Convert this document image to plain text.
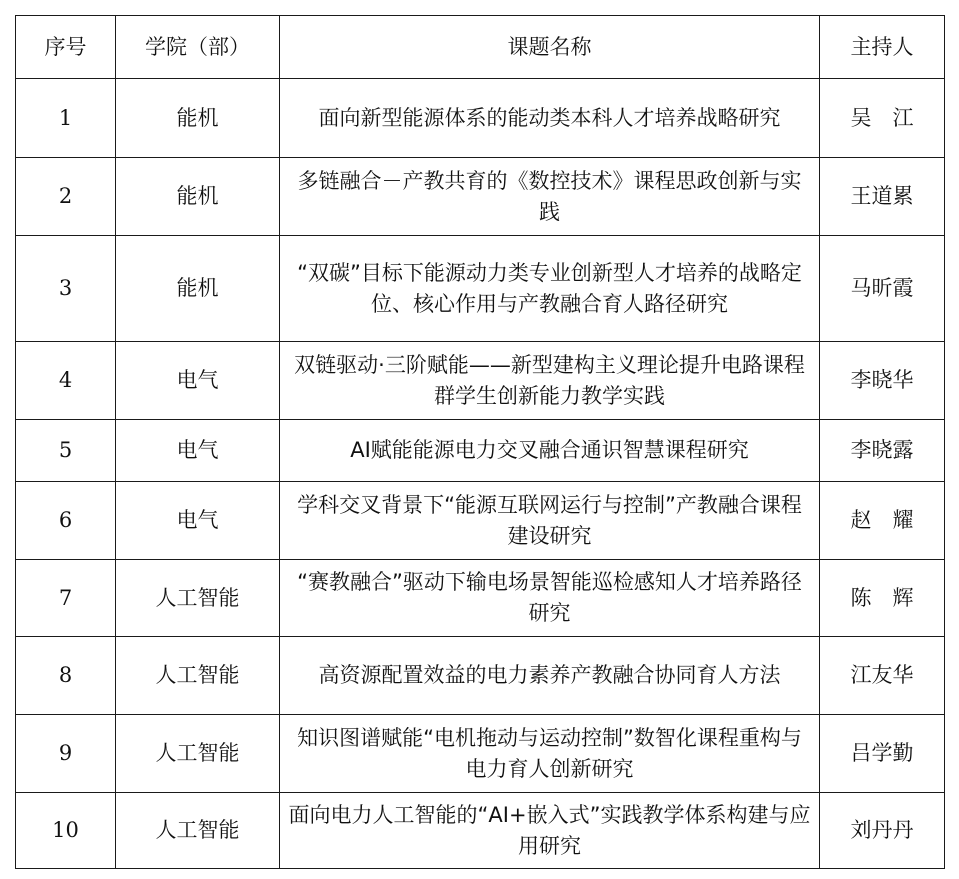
序号	学院（部）	课题名称	主持人
1	能机	面向新型能源体系的能动类本科人才培养战略研究	吴　江
2	能机	多链融合－产教共育的《数控技术》课程思政创新与实践	王道累
3	能机	“双碳”目标下能源动力类专业创新型人才培养的战略定位、核心作用与产教融合育人路径研究	马昕霞
4	电气	双链驱动·三阶赋能——新型建构主义理论提升电路课程群学生创新能力教学实践	李晓华
5	电气	AI赋能能源电力交叉融合通识智慧课程研究	李晓露
6	电气	学科交叉背景下“能源互联网运行与控制”产教融合课程建设研究	赵　耀
7	人工智能	“赛教融合”驱动下输电场景智能巡检感知人才培养路径研究	陈　辉
8	人工智能	高资源配置效益的电力素养产教融合协同育人方法	江友华
9	人工智能	知识图谱赋能“电机拖动与运动控制”数智化课程重构与电力育人创新研究	吕学勤
10	人工智能	面向电力人工智能的“AI+嵌入式”实践教学体系构建与应用研究	刘丹丹
